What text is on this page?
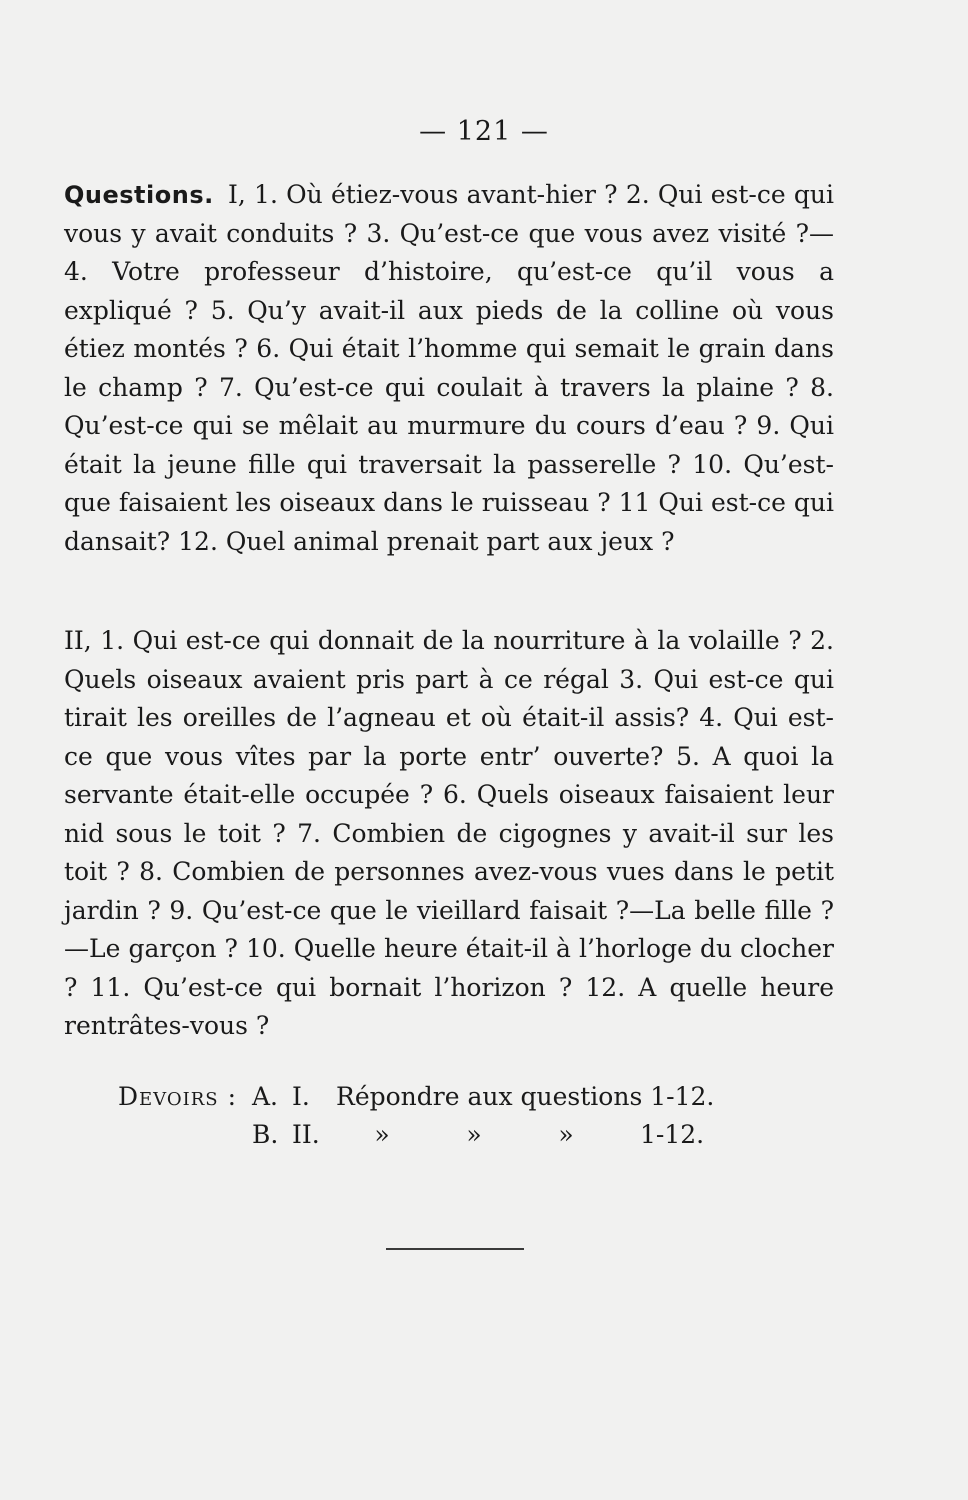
— 121 —
Questions. I, 1. Où étiez-vous avant-hier ? 2. Qui est-ce qui vous y avait conduits ? 3. Qu’est-ce que vous avez visité ?— 4. Votre professeur d’histoire, qu’est-ce qu’il vous a expliqué ? 5. Qu’y avait-il aux pieds de la colline où vous étiez montés ? 6. Qui était l’homme qui semait le grain dans le champ ? 7. Qu’est-ce qui coulait à travers la plaine ? 8. Qu’est-ce qui se mêlait au murmure du cours d’eau ? 9. Qui était la jeune fille qui traversait la passerelle ? 10. Qu’est-que faisaient les oiseaux dans le ruisseau ? 11 Qui est-ce qui dansait? 12. Quel animal prenait part aux jeux ?
II, 1. Qui est-ce qui donnait de la nourriture à la volaille ? 2. Quels oiseaux avaient pris part à ce régal 3. Qui est-ce qui tirait les oreilles de l’agneau et où était-il assis? 4. Qui est-ce que vous vîtes par la porte entr’ ouverte? 5. A quoi la servante était-elle occupée ? 6. Quels oiseaux faisaient leur nid sous le toit ? 7. Combien de cigognes y avait-il sur les toit ? 8. Combien de personnes avez-vous vues dans le petit jardin ? 9. Qu’est-ce que le vieillard faisait ?—La belle fille ?—Le garçon ? 10. Quelle heure était-il à l’horloge du clocher ? 11. Qu’est-ce qui bornait l’horizon ? 12. A quelle heure rentrâtes-vous ?
Devoirs : A. I.	Répondre aux questions 1-12.
B. II.	»	»	»	1-12.
